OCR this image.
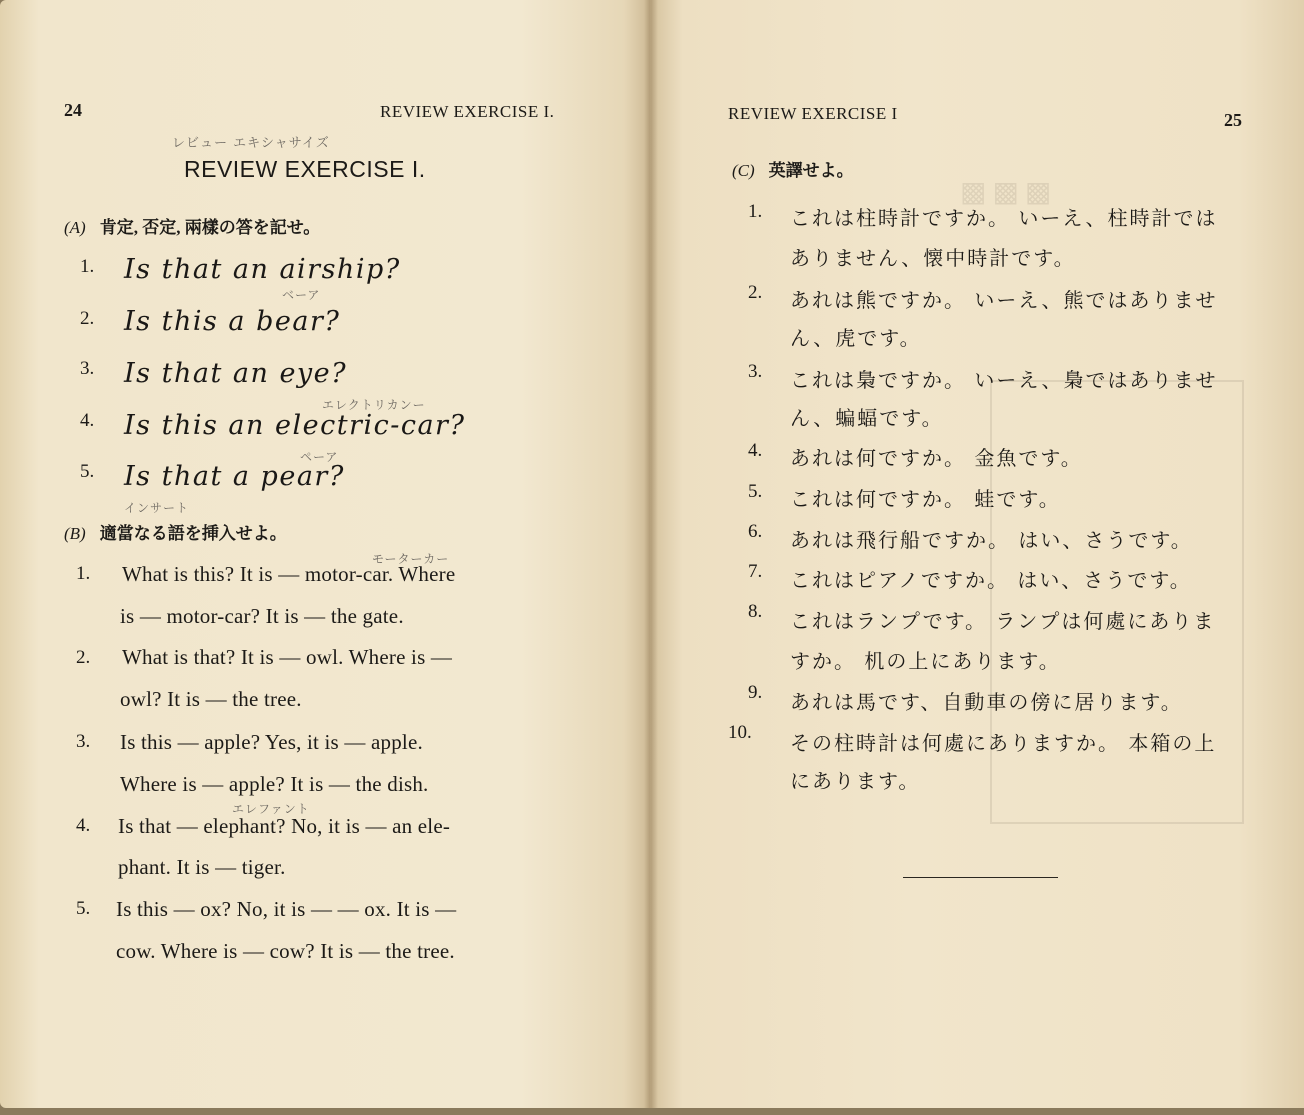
24	REVIEW EXERCISE I.
レビュー エキシャサイズ
REVIEW EXERCISE I.
(A) 肯定, 否定, 兩樣の答を記せ。
1. Is that an airship?
ベーア
2. Is this a bear?
3. Is that an eye?
エレクトリカンー
4. Is this an electric-car?
ペーア
5. Is that a pear?
インサート
(B) 適當なる語を挿入せよ。
モーターカー
1. What is this? It is — motor-car. Where
is — motor-car? It is — the gate.
2. What is that? It is — owl. Where is —
owl? It is — the tree.
3. Is this — apple? Yes, it is — apple.
Where is — apple? It is — the dish.
エレファント
4. Is that — elephant? No, it is — an ele-
phant. It is — tiger.
5. Is this — ox? No, it is — — ox. It is —
cow. Where is — cow? It is — the tree.
▩▩▩
REVIEW EXERCISE I	25
(C) 英譯せよ。
1. これは柱時計ですか。 いーえ、柱時計では
ありません、懐中時計です。
2. あれは熊ですか。 いーえ、熊ではありませ
ん、虎です。
3. これは梟ですか。 いーえ、梟ではありませ
ん、蝙蝠です。
4. あれは何ですか。 金魚です。
5. これは何ですか。 蛙です。
6. あれは飛行船ですか。 はい、さうです。
7. これはピアノですか。 はい、さうです。
8. これはランプです。 ランプは何處にありま
すか。 机の上にあります。
9. あれは馬です、自動車の傍に居ります。
10. その柱時計は何處にありますか。 本箱の上
にあります。
